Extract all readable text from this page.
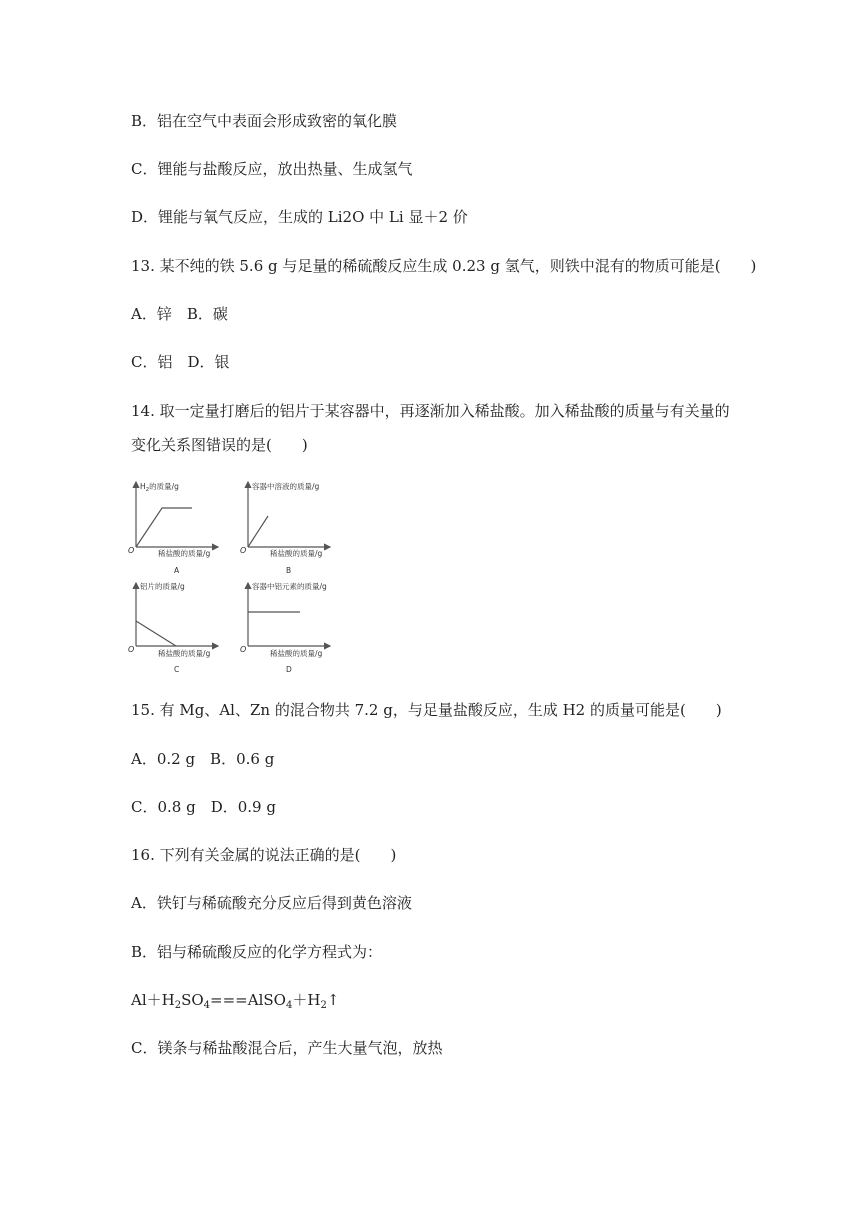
B．铝在空气中表面会形成致密的氧化膜
C．锂能与盐酸反应，放出热量、生成氢气
D．锂能与氧气反应，生成的 Li2O 中 Li 显＋2 价
13. 某不纯的铁 5.6 g 与足量的稀硫酸反应生成 0.23 g 氢气，则铁中混有的物质可能是(　　)
A．锌　B．碳
C．铝　D．银
14. 取一定量打磨后的铝片于某容器中，再逐渐加入稀盐酸。加入稀盐酸的质量与有关量的
变化关系图错误的是(　　)
$H_2$的质量/g
O	稀盐酸的质量/g
A
容器中溶液的质量/g
O	稀盐酸的质量/g
B
铝片的质量/g
O	稀盐酸的质量/g
C
容器中铝元素的质量/g
O	稀盐酸的质量/g
D
15. 有 Mg、Al、Zn 的混合物共 7.2 g，与足量盐酸反应，生成 H2 的质量可能是(　　)
A．0.2 g　B．0.6 g
C．0.8 g　D．0.9 g
16. 下列有关金属的说法正确的是(　　)
A．铁钉与稀硫酸充分反应后得到黄色溶液
B．铝与稀硫酸反应的化学方程式为：
$Al+H_2SO_4===AlSO_4+H_2↑$
C．镁条与稀盐酸混合后，产生大量气泡，放热
